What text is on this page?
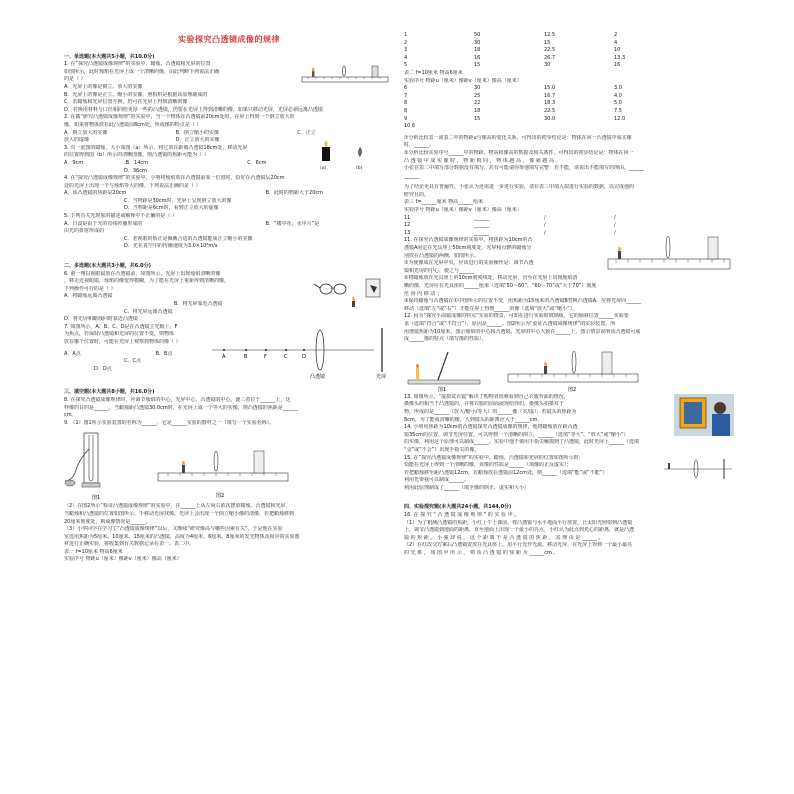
实验探究凸透镜成像的规律
一、单选题(本大题共5小题，共10.0分)
1. 在“探究凸透镜成像规律”的实验中，蜡烛、凸透镜和光屏的位置
如图所示，此时烛焰在光屏上成一个清晰的像，由此判断下列说法正确
的是（ ）
A．光屏上的像是倒立、放大的实像
B．光屏上的像是正立、缩小的实像，照相机是根据该原理制成的
C．若蜡烛和光屏位置互换，仍可在光屏上得到清晰的像
D．若换用材料与口径相同但更厚一些的凸透镜，仍要在光屏上得到清晰的像，如果只移动光屏，光屏必须远离凸透镜
2. 在做“研究凸透镜成像规律”的实验中，当一个物体在凸透镜前20cm处时，在屏上得到一个倒立放大的
像，如果将物体放在此凸透镜前8cm处，所成像的特点是（ ）
A．倒立放大的实像	B．倒立缩小的实像	C．正立
放大的虚像	D．正立放大的实像
3. 有一张图的蜡烛，大小如图（a）所示，将它放在距离凸透镜18cm处，移动光屏
的位置得到图（b）所示的清晰图像，则凸透镜的焦距可能为（ ）
A．9cm	B．14cm	C．6cm
D．36cm	(a)	(b)
4. 在“探究凸透镜成像规律”的实验中，小明将烛焰放在凸透镜前某一位置时，恰好在凸透镜后20cm
处的光屏上出现一个与烛焰等大的像，下列说法正确的是（ ）
A．该凸透镜的焦距是20cm	B．此时的物距大于20cm
C．当物距是30cm时，光屏上呈现倒立放大的像
D．当物距是6cm时，看到正立放大的虚像
5. 下列有关光现象的描述或解释中不正确的是（ ）
A．日食是由于光的直线传播形成的	B．“楼中花，水中月”是
由光的折射形成的
C．老视眼的矫正是佩戴合适的凸透镜能成正立缩小的实像
D．光在真空中的传播速度为3.0×10⁸m/s
二、多选题(本大题共3小题，共6.0分)
6. 童一翔以视眼镜放在凸透镜前，如图所示，光屏上出现烛焰清晰的像
，移走近视眼镜，烛焰的像变得模糊，为了能在光屏上重新得到清晰的像，
下列操作可行的是（ ）
A．将蜡烛远离凸透镜
B．将光屏靠近凸透镜
C．将光屏远离凸透镜
D．将光屏和蜡烛同时靠近凸透镜
7. 如图所示，A、B、C、D是在凸透镜主光轴上，F
为焦点，若保持凸透镜和光屏的位置不变，则物体
放在哪个位置时，可能在光屏上观察到物体的像（ ）
A．A点	B．B点
C．C点
D．D点
A	B	F	C	D
凸透镜	光屏
三、填空题(本大题共8小题，共16.0分)
8. 在探究凸透镜成像规律时，应调节烛焰的中心，光屏中心，凸透镜的中心，使三者位于______上，这
样像的目的是______，当蜡烛距凸透镜30.0cm时，在光屏上成一个等大的实像，则凸透镜的焦距是______
cm。
9. （1）图1所示实验装置的名称为______，它是______实验的器材之一（填写一个实验名称）。
图1	图2
（2）在图2所示“检证凸透镜成像规律”的实验中，在______上从左向右依次摆放蜡烛、凸透镜和光屏，
当蜡烛和凸透镜的位置如图所示，手移动光屏找像，光屏上会出现一个倒立缩小像的清像，若把蜡烛移到
20厘米刻度处，则成像情况是______。
（3）小华同学在学习了“凸透镜成像规律”以后，又继续“研究像高与哪些因素有关”，于是他在实验
室选用焦距为5厘米、10厘米、15厘米的凸透镜，高度为4厘米、6厘米、8厘米的发光物体及相应的实验器
材进行正确实验，将收集到有关数据记录在表一、表二中。
表一 f=10厘米 物高6厘米
实验序号 物距u（厘米）像距v（厘米）像高（厘米）
1	50	12.5	2
2	30	15	4
3	18	22.5	10
4	16	26.7	13.3
5	15	30	16
表二 f=10厘米 物高6厘米
实验序号 物距u（厘米）像距v（厘米）像高（厘米）
6	30	15.0	3.0
7	25	16.7	4.0
8	22	18.3	5.0
8	18	22.5	7.5
9	15	30.0	12.0
10 6
①分析比较表一或表二中的物距u与像高的变化关系，可得出的初步结论是：物体在同一凸透镜中成实像
时，______。
②分析比较实验序号______中的物距、物高和像高的数据及相关条件，可得出的初步结论是：物体在同一
凸 透 镜 中 成 实 像 时 ， 物 距 相 同 ， 物 体 越 高 ， 像 就 越 高 。
小张在表二中填写部分数据没有填写，若有可能请你帮他填写完整：若不能，请说出不能填写的理由。______
______
为了结论更具有普遍性，小张认为还需进一步进行实验，请在表三中填入拟进行实验的数据，以完成他的
研究目的。
表三 f=______厘米 物高______厘米
实验序号 物距u（厘米）像距v（厘米）像高（厘米）
11	______	/	/
12	______	/	/
13	______	/	/
11. 在探究凸透镜成像规律的实验中，将焦距为10cm的凸
透镜A固定在光具座上50cm刻度处，光屏和点燃的蜡烛分
别放在凸透镜的两侧，如图所示。
①为使像成在光屏中央，应该进行的实验操作是：调节凸透
镜和光屏的中心，使之与______
②将蜡烛放在光具座上的10cm刻度线处，移动光屏，直至在光屏上出现烛焰清
晰的像，光屏应在光具座的______厘米（选填“50～60”、“60～70”或“大于70”）刻度
范 围 内 移 动 ；
③保持蜡烛与凸透镜在①中图所示的位置不变，用焦距为15厘米的凸透镜B替换凸透镜A，应将光屏向______
移动（选填“左”或“右”）才能在屏上得到______的像（选填“放大”或“缩小”）。
12. 因为“探究平面镜成像的特点”实验的情景，可知在进行实验时玻璃板，它的倾斜位置______实验要
求（选填“符合”或“不符合”），原因是______。图2所示为“验证凸透镜成像规律”的实验装置，所
用透镜焦距为10厘米，图示烛焰的中心和凸透镜、光屏的中心大致在______上，图示情景说明该凸透镜可成
成______像的特点（填写像的性质）。
图1	图2
13. 如图所示，“虚拟试衣镜”解决了购物者很难看到自己衣服背面的情况，
摄像头的相当于凸透镜的，并将衣服的前面展现给你们，摄像头拍摄对于
物，所成的是______（放大/缩小/等大）的______像（实/虚）；若镜头的焦距为
8cm，为了能成清晰的像，人到镜头的距离应大于______cm。
14. 小明用焦距为10cm的凸透镜探究凸透镜成像的规律，他将蜡烛放在距凸透
镜35cm的位置，调节光屏位置，可以得到一个清晰的倒立、______（选填“等大”、“放大”或“缩小”）
的实像，利用这个原理可以制成______。实验中他不慎用手指尖触摸到了凸透镜，此时光屏上______（选填
“会”或“不会”）出现手指尖的像。
15. 在“探究凸透镜成像规律”的实验中，蜡烛、凸透镜和光屏的位置如图所示时，
恰能在光屏上得到一个清晰的像，该像的性质是______（填像的正反虚实）；
若把蜡烛移至距凸透镜12cm，若蜡烛放在透镜前12cm处，则______（选填“能”或“不能”）
利用光带我可以制成______。
利用此原理制成了______（填全像的倒正、虚实和大小）
四、实验探究题(本大题共24小题，共144.0分)
16. 在 探 究 “ 凸 透 镜 成 像 规 律 ” 的 实 验 中 。
（1）为了粗测凸透镜的焦距，小红上午上课前，将凸透镜与水平地面平行放置，让太阳光照射到凸透镜
上，调节凸透镜到地面的距离，直至地面上出现一个最小的亮点，小红认为此点到光心的距离，就是凸透
镜 的 焦 距 ， 小 强 却 说 ， 这 个 距 离 不 是 凸 透 镜 的 焦 距 ， 其 理 由 是 ______ 。
（2）在红改交方案后凸透镜安放在光具座上，用平行光作光源，移动光屏，在光屏上得到一个最小最亮
的 光 斑 ， 如 图 甲 所 示 ， 则 该 凸 透 镜 的 焦 距 为 ______cm 。
